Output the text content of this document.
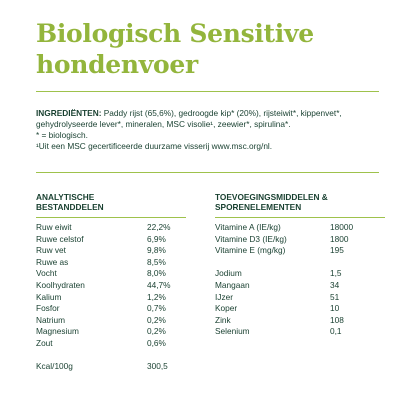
Biologisch Sensitive
hondenvoer
INGREDIËNTEN: Paddy rijst (65,6%), gedroogde kip* (20%), rijsteiwit*, kippenvet*,
gehydrolyseerde lever*, mineralen, MSC visolie¹, zeewier*, spirulina*.
* = biologisch.
¹Uit een MSC gecertificeerde duurzame visserij www.msc.org/nl.
ANALYTISCHE
BESTANDDELEN
Ruw eiwit	22,2%
Ruwe celstof	6,9%
Ruw vet	9,8%
Ruwe as	8,5%
Vocht	8,0%
Koolhydraten	44,7%
Kalium	1,2%
Fosfor	0,7%
Natrium	0,2%
Magnesium	0,2%
Zout	0,6%
Kcal/100g	300,5
TOEVOEGINGSMIDDELEN &
SPORENELEMENTEN
Vitamine A (IE/kg)	18000
Vitamine D3 (IE/kg)	1800
Vitamine E (mg/kg)	195
Jodium	1,5
Mangaan	34
IJzer	51
Koper	10
Zink	108
Selenium	0,1
